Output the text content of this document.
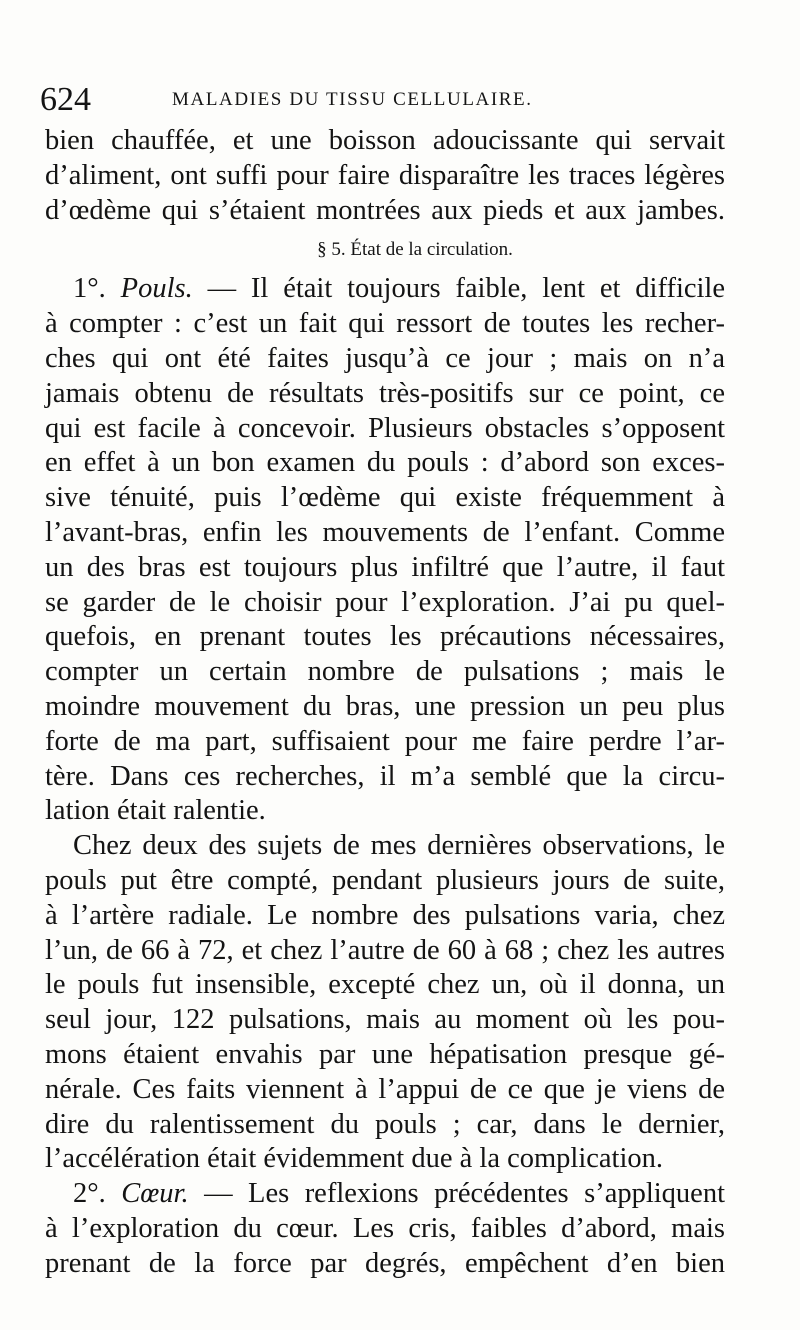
624	MALADIES DU TISSU CELLULAIRE.
bien chauffée, et une boisson adoucissante qui servait
d’aliment, ont suffi pour faire disparaître les traces légères
d’œdème qui s’étaient montrées aux pieds et aux jambes.
§ 5. État de la circulation.
1°. Pouls. — Il était toujours faible, lent et difficile
à compter : c’est un fait qui ressort de toutes les recher-
ches qui ont été faites jusqu’à ce jour ; mais on n’a
jamais obtenu de résultats très-positifs sur ce point, ce
qui est facile à concevoir. Plusieurs obstacles s’opposent
en effet à un bon examen du pouls : d’abord son exces-
sive ténuité, puis l’œdème qui existe fréquemment à
l’avant-bras, enfin les mouvements de l’enfant. Comme
un des bras est toujours plus infiltré que l’autre, il faut
se garder de le choisir pour l’exploration. J’ai pu quel-
quefois, en prenant toutes les précautions nécessaires,
compter un certain nombre de pulsations ; mais le
moindre mouvement du bras, une pression un peu plus
forte de ma part, suffisaient pour me faire perdre l’ar-
tère. Dans ces recherches, il m’a semblé que la circu-
lation était ralentie.
Chez deux des sujets de mes dernières observations, le
pouls put être compté, pendant plusieurs jours de suite,
à l’artère radiale. Le nombre des pulsations varia, chez
l’un, de 66 à 72, et chez l’autre de 60 à 68 ; chez les autres
le pouls fut insensible, excepté chez un, où il donna, un
seul jour, 122 pulsations, mais au moment où les pou-
mons étaient envahis par une hépatisation presque gé-
nérale. Ces faits viennent à l’appui de ce que je viens de
dire du ralentissement du pouls ; car, dans le dernier,
l’accélération était évidemment due à la complication.
2°. Cœur. — Les reflexions précédentes s’appliquent
à l’exploration du cœur. Les cris, faibles d’abord, mais
prenant de la force par degrés, empêchent d’en bien
